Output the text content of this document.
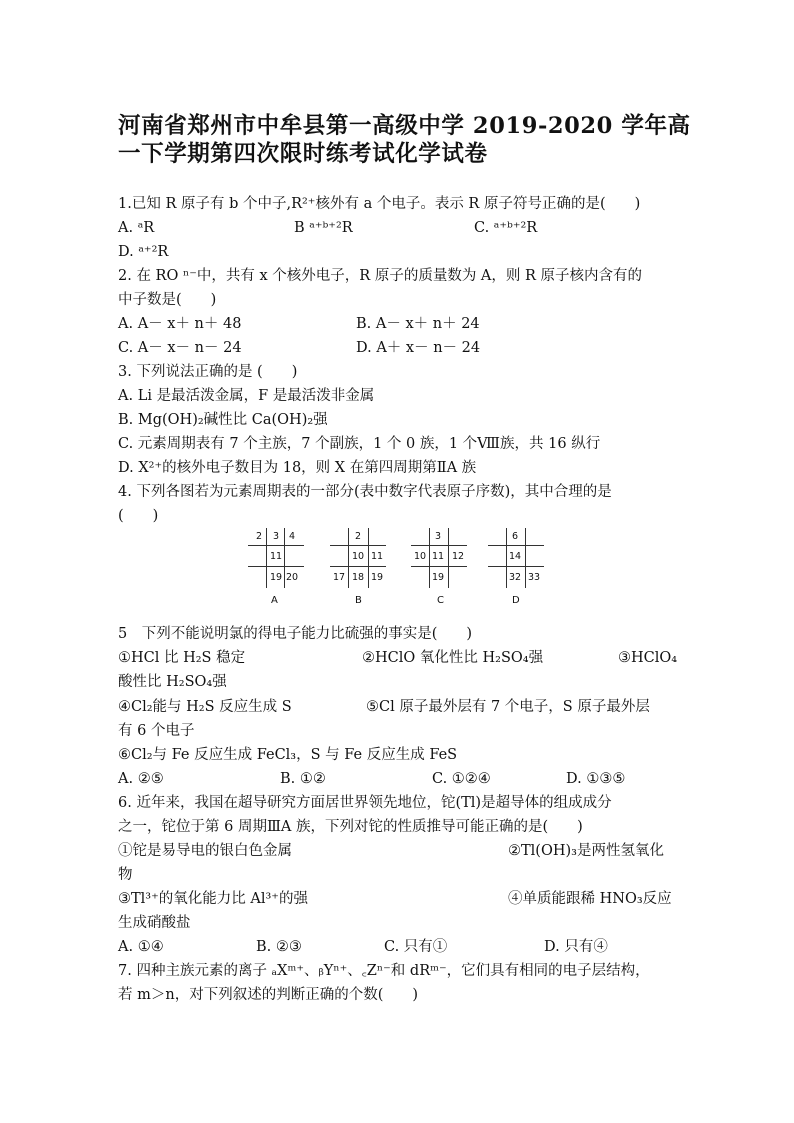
河南省郑州市中牟县第一高级中学 2019-2020 学年高
一下学期第四次限时练考试化学试卷
1.已知 R 原子有 b 个中子,R²⁺核外有 a 个电子。表示 R 原子符号正确的是(　　)
A. ᵃR	B ᵃ⁺ᵇ⁺²R	C. ᵃ⁺ᵇ⁺²R
D. ᵃ⁺²R
2. 在 RO ⁿ⁻中，共有 x 个核外电子，R 原子的质量数为 A，则 R 原子核内含有的
中子数是(　　)
A. A－ x＋ n＋ 48	B. A－ x＋ n＋ 24
C. A－ x－ n－ 24	D. A＋ x－ n－ 24
3. 下列说法正确的是 (　　)
A. Li 是最活泼金属，F 是最活泼非金属
B. Mg(OH)₂碱性比 Ca(OH)₂强
C. 元素周期表有 7 个主族，7 个副族，1 个 0 族，1 个Ⅷ族，共 16 纵行
D. X²⁺的核外电子数目为 18，则 X 在第四周期第ⅡA 族
4. 下列各图若为元素周期表的一部分(表中数字代表原子序数)，其中合理的是
(　　)
2	3	4
11
19 20
A
2
10 11
17 18 19
B
3
10 11 12
19
C
6
14
32 33
D
5　下列不能说明氯的得电子能力比硫强的事实是(　　)
①HCl 比 H₂S 稳定	②HClO 氧化性比 H₂SO₄强	③HClO₄
酸性比 H₂SO₄强
④Cl₂能与 H₂S 反应生成 S	⑤Cl 原子最外层有 7 个电子，S 原子最外层
有 6 个电子
⑥Cl₂与 Fe 反应生成 FeCl₃，S 与 Fe 反应生成 FeS
A. ②⑤	B. ①②	C. ①②④	D. ①③⑤
6. 近年来，我国在超导研究方面居世界领先地位，铊(Tl)是超导体的组成成分
之一，铊位于第 6 周期ⅢA 族，下列对铊的性质推导可能正确的是(　　)
①铊是易导电的银白色金属	②Tl(OH)₃是两性氢氧化
物
③Tl³⁺的氧化能力比 Al³⁺的强	④单质能跟稀 HNO₃反应
生成硝酸盐
A. ①④	B. ②③	C. 只有①	D. 只有④
7. 四种主族元素的离子 ₐXᵐ⁺、ᵦYⁿ⁺、꜀Zⁿ⁻和 dRᵐ⁻，它们具有相同的电子层结构，
若 m＞n，对下列叙述的判断正确的个数(　　)
